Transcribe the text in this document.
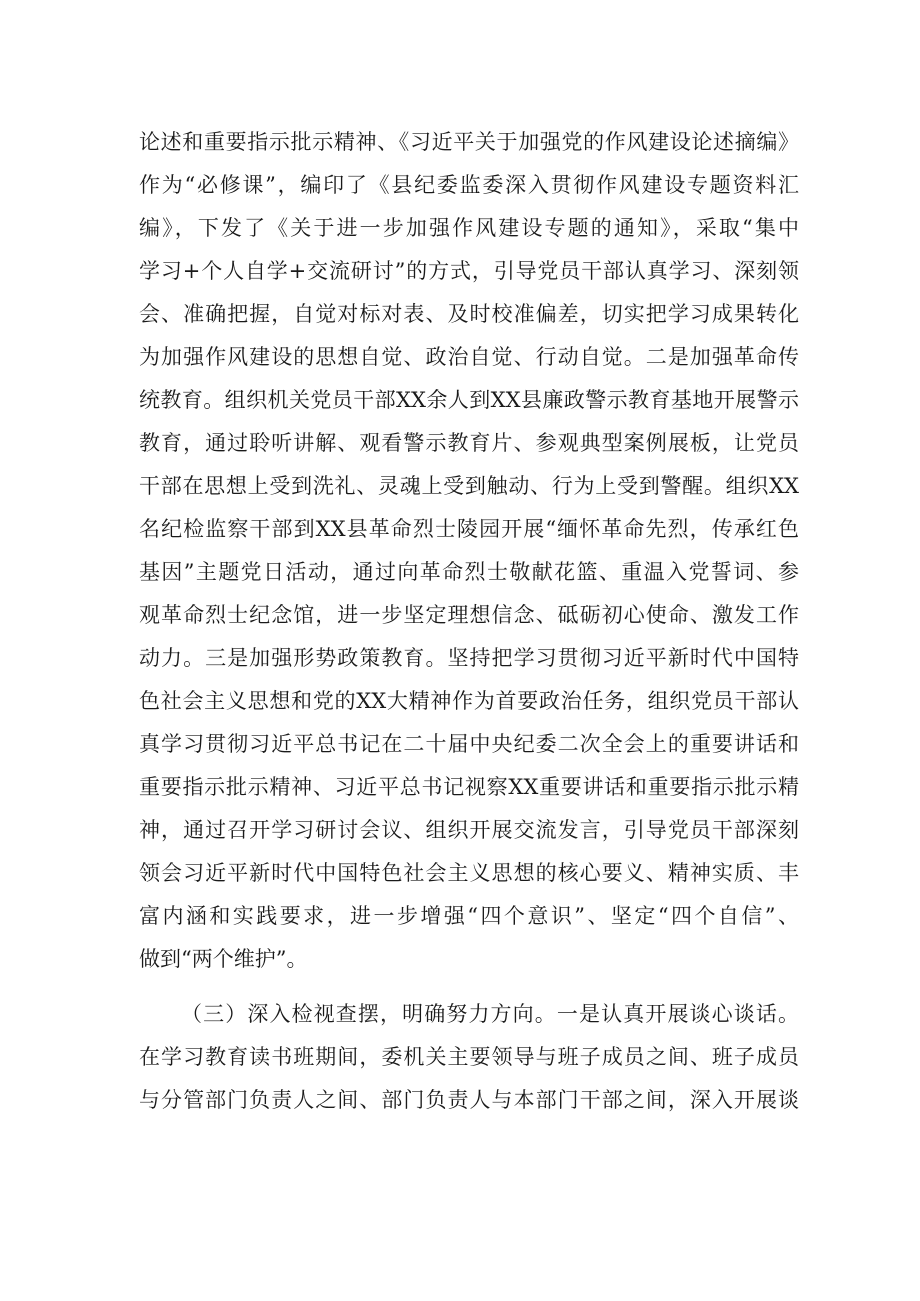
论述和重要指示批示精神、《习近平关于加强党的作风建设论述摘编》
作为“必修课”，编印了《县纪委监委深入贯彻作风建设专题资料汇
编》，下发了《关于进一步加强作风建设专题的通知》，采取“集中
学习+个人自学+交流研讨”的方式，引导党员干部认真学习、深刻领
会、准确把握，自觉对标对表、及时校准偏差，切实把学习成果转化
为加强作风建设的思想自觉、政治自觉、行动自觉。二是加强革命传
统教育。组织机关党员干部XX余人到XX县廉政警示教育基地开展警示
教育，通过聆听讲解、观看警示教育片、参观典型案例展板，让党员
干部在思想上受到洗礼、灵魂上受到触动、行为上受到警醒。组织XX
名纪检监察干部到XX县革命烈士陵园开展“缅怀革命先烈，传承红色
基因”主题党日活动，通过向革命烈士敬献花篮、重温入党誓词、参
观革命烈士纪念馆，进一步坚定理想信念、砥砺初心使命、激发工作
动力。三是加强形势政策教育。坚持把学习贯彻习近平新时代中国特
色社会主义思想和党的XX大精神作为首要政治任务，组织党员干部认
真学习贯彻习近平总书记在二十届中央纪委二次全会上的重要讲话和
重要指示批示精神、习近平总书记视察XX重要讲话和重要指示批示精
神，通过召开学习研讨会议、组织开展交流发言，引导党员干部深刻
领会习近平新时代中国特色社会主义思想的核心要义、精神实质、丰
富内涵和实践要求，进一步增强“四个意识”、坚定“四个自信”、
做到“两个维护”。
（三）深入检视查摆，明确努力方向。一是认真开展谈心谈话。
在学习教育读书班期间，委机关主要领导与班子成员之间、班子成员
与分管部门负责人之间、部门负责人与本部门干部之间，深入开展谈
